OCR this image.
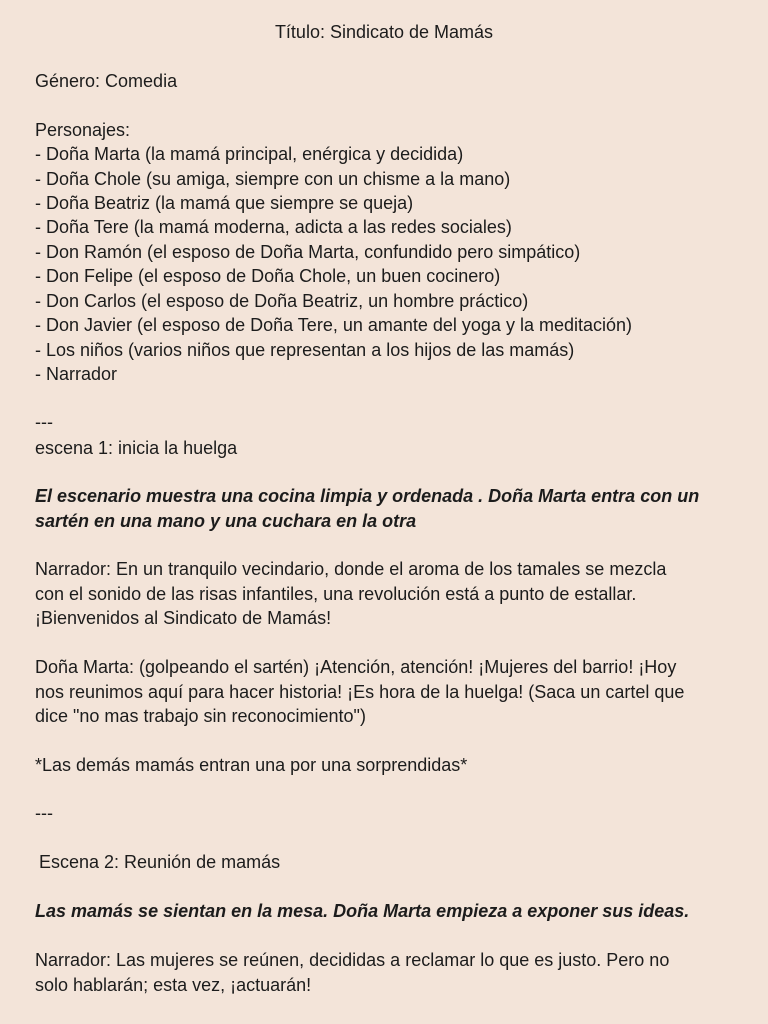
Título: Sindicato de Mamás
Género: Comedia
Personajes:
- Doña Marta (la mamá principal, enérgica y decidida)
- Doña Chole (su amiga, siempre con un chisme a la mano)
- Doña Beatriz (la mamá que siempre se queja)
- Doña Tere (la mamá moderna, adicta a las redes sociales)
- Don Ramón (el esposo de Doña Marta, confundido pero simpático)
- Don Felipe (el esposo de Doña Chole, un buen cocinero)
- Don Carlos (el esposo de Doña Beatriz, un hombre práctico)
- Don Javier (el esposo de Doña Tere, un amante del yoga y la meditación)
- Los niños (varios niños que representan a los hijos de las mamás)
- Narrador
---
escena 1: inicia la huelga
El escenario muestra una cocina limpia y ordenada . Doña Marta entra con un
sartén en una mano y una cuchara en la otra
Narrador: En un tranquilo vecindario, donde el aroma de los tamales se mezcla
con el sonido de las risas infantiles, una revolución está a punto de estallar.
¡Bienvenidos al Sindicato de Mamás!
Doña Marta: (golpeando el sartén) ¡Atención, atención! ¡Mujeres del barrio! ¡Hoy
nos reunimos aquí para hacer historia! ¡Es hora de la huelga! (Saca un cartel que
dice "no mas trabajo sin reconocimiento")
*Las demás mamás entran una por una sorprendidas*
---
Escena 2: Reunión de mamás
Las mamás se sientan en la mesa. Doña Marta empieza a exponer sus ideas.
Narrador: Las mujeres se reúnen, decididas a reclamar lo que es justo. Pero no
solo hablarán; esta vez, ¡actuarán!
